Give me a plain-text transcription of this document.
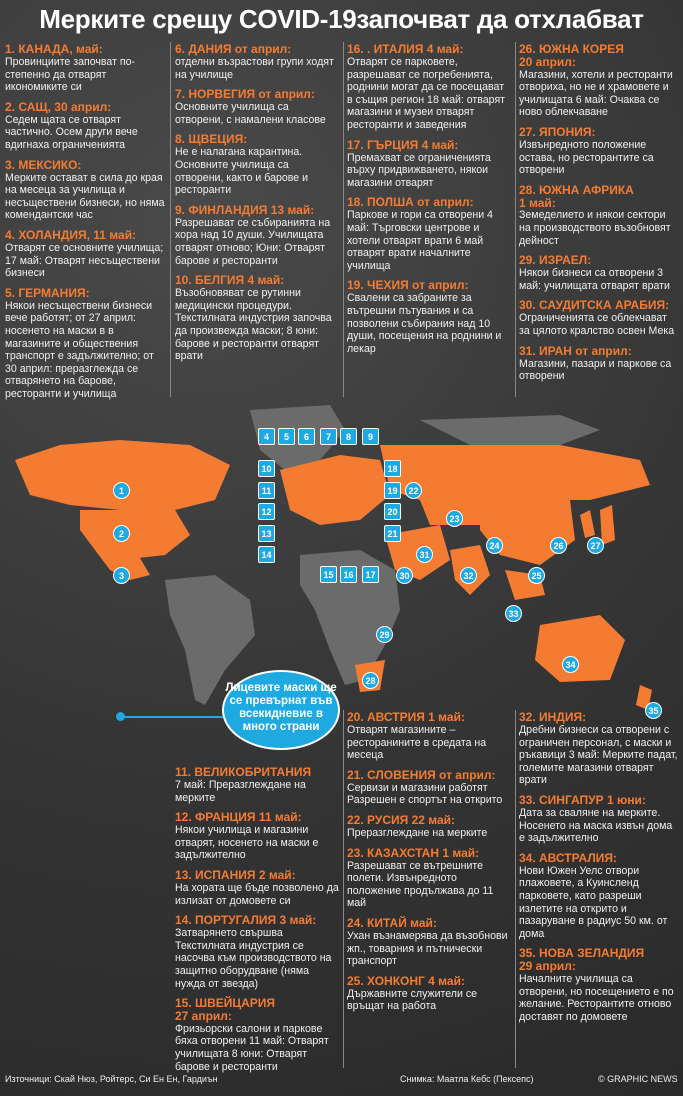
Мерките срещу COVID-19започват да отхлабват
1. КАНАДА, май:
Провинциите започват по-степенно да отварят икономиките си
2. САЩ, 30 април:
Седем щата се отварят частично. Осем други вече вдигнаха ограниченията
3. МЕКСИКО:
Мерките остават в сила до края на месеца за училища и несъществени бизнеси, но няма комендантски час
4. ХОЛАНДИЯ, 11 май:
Отварят се основните училища; 17 май: Отварят несъществени бизнеси
5. ГЕРМАНИЯ:
Някои несъществени бизнеси вече работят; от 27 април: носенето на маски в в магазините и обществения транспорт е задължително; от 30 април: преразглежда се отварянето на барове, ресторанти и училища
6. ДАНИЯ от април:
отделни възрастови групи ходят на училище
7. НОРВЕГИЯ от април:
Основните училища са отворени, с намалени класове
8. ЩВЕЦИЯ:
Не е налагана карантина. Основните училища са отворени, както и барове и ресторанти
9. ФИНЛАНДИЯ 13 май:
Разрешават се събиранията на хора над 10 души. Училищата отварят отново; Юни: Отварят барове и ресторанти
10. БЕЛГИЯ 4 май:
Възобновяват се рутинни медицински процедури. Текстилната индустрия започва да произвежда маски; 8 юни: барове и ресторанти отварят врати
16. . ИТАЛИЯ 4 май:
Отварят се парковете, разрешават се погребенията, роднини могат да се посещават в същия регион 18 май: отварят магазини и музеи отварят ресторанти и заведения
17. ГЪРЦИЯ 4 май:
Премахват се ограниченията върху придвижването, някои магазини отварят
18. ПОЛША от април:
Паркове и гори са отворени 4 май: Търговски центрове и хотели отварят врати 6 май отварят врати началните училища
19. ЧЕХИЯ от април:
Свалени са забраните за вътрешни пътувания и са позволени събирания над 10 души, посещения на роднини и лекар
26. ЮЖНА КОРЕЯ
20 април:
Магазини, хотели и ресторанти отвориха, но не и храмовете и училищата 6 май: Очаква се ново облекчаване
27. ЯПОНИЯ:
Извънредното положение остава, но ресторантите са отворени
28. ЮЖНА АФРИКА
1 май:
Земеделието и някои сектори на производството възобновят дейност
29. ИЗРАЕЛ:
Някои бизнеси са отворени 3 май: училищата отварят врати
30. САУДИТСКА АРАБИЯ:
Ограниченията се облекчават за цялото кралство освен Мека
31. ИРАН от април:
Магазини, пазари и паркове са отворени
1
2
3
4	5	6	7	8	9
10
11
12
13
14
15	16	17
18
19
20
21
22
23
24
25
26	27
28
29
30
31
32
33
34
35
Лицевите маски ще се превърнат във всекидневие в много страни
11. ВЕЛИКОБРИТАНИЯ
7 май: Преразглеждане на мерките
12. ФРАНЦИЯ 11 май:
Някои училища и магазини отварят, носенето на маски е задължително
13. ИСПАНИЯ 2 май:
На хората ще бъде позволено да излизат от домовете си
14. ПОРТУГАЛИЯ 3 май:
Затварянето свършва Текстилната индустрия се насочва към производството на защитно оборудване (няма нужда от звезда)
15. ШВЕЙЦАРИЯ
27 април:
Фризьорски салони и паркове бяха отворени 11 май: Отварят училищата 8 юни: Отварят барове и ресторанти
20. АВСТРИЯ 1 май:
Отварят магазините – ресторанините в средата на месеца
21. СЛОВЕНИЯ от април:
Сервизи и магазини работят Разрешен е спортът на открито
22. РУСИЯ 22 май:
Преразглеждане на мерките
23. КАЗАХСТАН 1 май:
Разрешават се вътрешните полети. Извънредното положение продължава до 11 май
24. КИТАЙ май:
Ухан възнамерява да възобнови жп., товарния и пътнически транспорт
25. ХОНКОНГ 4 май:
Държавните служители се връщат на работа
32. ИНДИЯ:
Дребни бизнеси са отворени с ограничен персонал, с маски и ръкавици 3 май: Мерките падат, големите магазини отварят врати
33. СИНГАПУР 1 юни:
Дата за сваляне на мерките. Носенето на маска извън дома е задължително
34. АВСТРАЛИЯ:
Нови Южен Уелс отвори плажовете, а Куинсленд парковете, като разреши излетите на открито и пазаруване в радиус 50 км. от дома
35. НОВА ЗЕЛАНДИЯ
29 април:
Началните училища са отворени, но посещението е по желание. Ресторантите отново доставят по домовете
Източници: Скай Нюз, Ройтерс, Си Ен Ен, Гардиън	Снимка: Маатла Кебс (Пексепс)	© GRAPHIC NEWS
